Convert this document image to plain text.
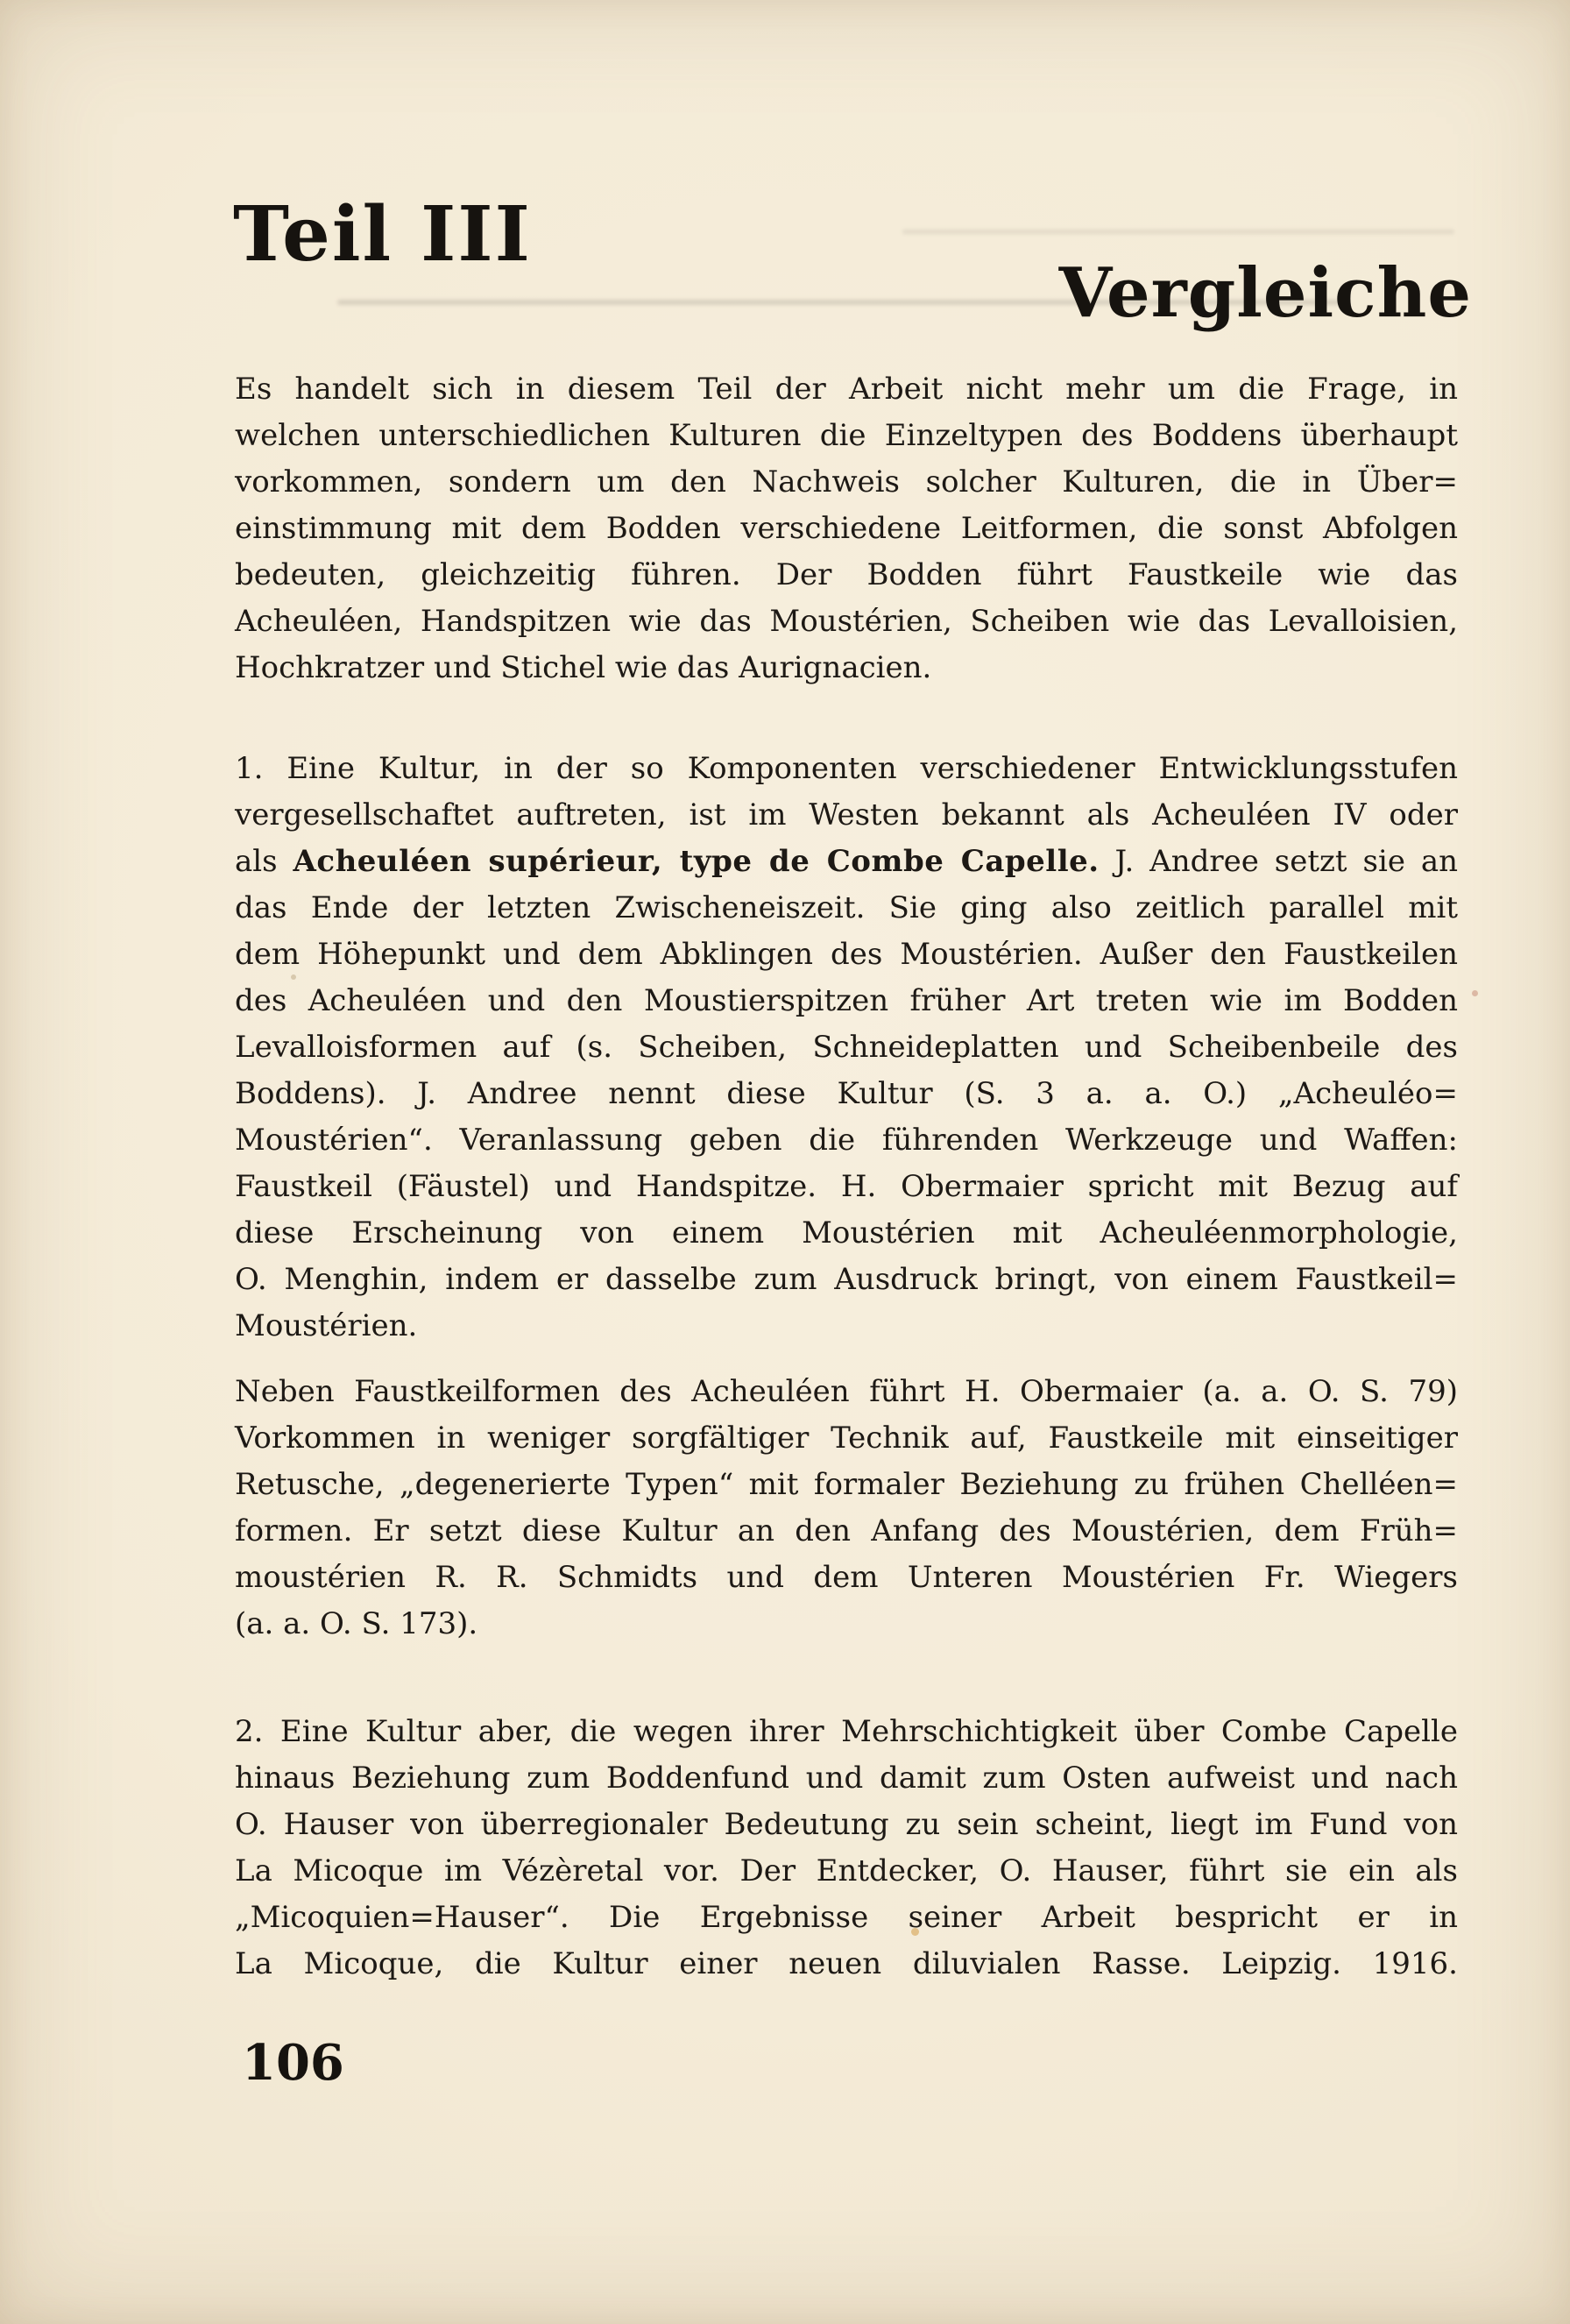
Teil III
Vergleiche
Es handelt sich in diesem Teil der Arbeit nicht mehr um die Frage, in
welchen unterschiedlichen Kulturen die Einzeltypen des Boddens überhaupt
vorkommen, sondern um den Nachweis solcher Kulturen, die in Über=
einstimmung mit dem Bodden verschiedene Leitformen, die sonst Abfolgen
bedeuten, gleichzeitig führen. Der Bodden führt Faustkeile wie das
Acheuléen, Handspitzen wie das Moustérien, Scheiben wie das Levalloisien,
Hochkratzer und Stichel wie das Aurignacien.
1. Eine Kultur, in der so Komponenten verschiedener Entwicklungsstufen
vergesellschaftet auftreten, ist im Westen bekannt als Acheuléen IV oder
als Acheuléen supérieur, type de Combe Capelle. J. Andree setzt sie an
das Ende der letzten Zwischeneiszeit. Sie ging also zeitlich parallel mit
dem Höhepunkt und dem Abklingen des Moustérien. Außer den Faustkeilen
des Acheuléen und den Moustierspitzen früher Art treten wie im Bodden
Levalloisformen auf (s. Scheiben, Schneideplatten und Scheibenbeile des
Boddens). J. Andree nennt diese Kultur (S. 3 a. a. O.) „Acheuléo=
Moustérien“. Veranlassung geben die führenden Werkzeuge und Waffen:
Faustkeil (Fäustel) und Handspitze. H. Obermaier spricht mit Bezug auf
diese Erscheinung von einem Moustérien mit Acheuléenmorphologie,
O. Menghin, indem er dasselbe zum Ausdruck bringt, von einem Faustkeil=
Moustérien.
Neben Faustkeilformen des Acheuléen führt H. Obermaier (a. a. O. S. 79)
Vorkommen in weniger sorgfältiger Technik auf, Faustkeile mit einseitiger
Retusche, „degenerierte Typen“ mit formaler Beziehung zu frühen Chelléen=
formen. Er setzt diese Kultur an den Anfang des Moustérien, dem Früh=
moustérien R. R. Schmidts und dem Unteren Moustérien Fr. Wiegers
(a. a. O. S. 173).
2. Eine Kultur aber, die wegen ihrer Mehrschichtigkeit über Combe Capelle
hinaus Beziehung zum Boddenfund und damit zum Osten aufweist und nach
O. Hauser von überregionaler Bedeutung zu sein scheint, liegt im Fund von
La Micoque im Vézèretal vor. Der Entdecker, O. Hauser, führt sie ein als
„Micoquien=Hauser“. Die Ergebnisse seiner Arbeit bespricht er in
La Micoque, die Kultur einer neuen diluvialen Rasse. Leipzig. 1916.
106
